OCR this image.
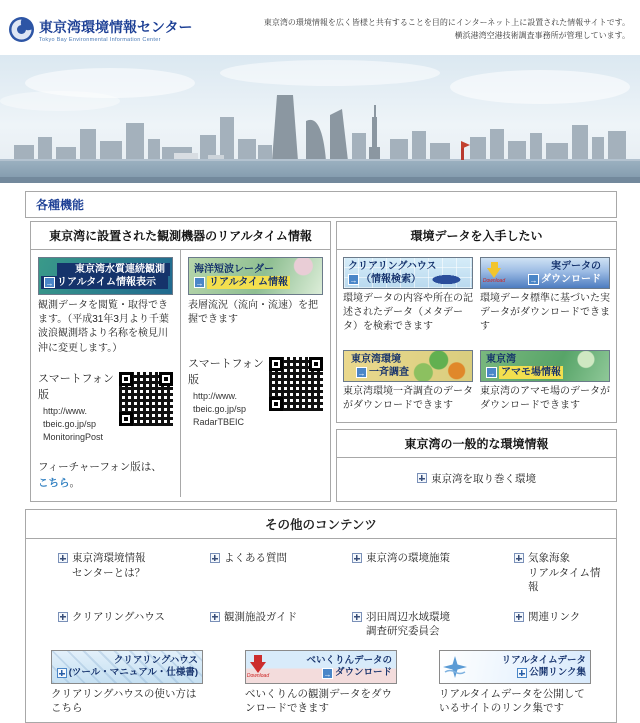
東京湾環境情報センター
Tokyo Bay Environmental Information Center
東京湾の環境情報を広く皆様と共有することを目的にインターネット上に設置された情報サイトです。
横浜港湾空港技術調査事務所が管理しています。
各種機能
東京湾に設置された観測機器のリアルタイム情報
東京湾水質連続観測
→
リアルタイム情報表示

観測データを閲覧・取得できます。（平成31年3月より千葉波浪観測塔より名称を検見川沖に変更します。）

スマートフォン版
http://www.
tbeic.go.jp/sp
MonitoringPost

フィーチャーフォン版は、
こちら。

海洋短波レーダー
→
リアルタイム情報

表層流況（流向・流速）を把握できます

スマートフォン版
http://www.
tbeic.go.jp/sp
RadarTBEIC
環境データを入手したい
クリアリングハウス
→
（情報検索）

環境データの内容や所在の記述されたデータ（メタデータ）を検索できます

Download
実データの
→
ダウンロード

環境データ標準に基づいた実データがダウンロードできます

東京湾環境
→
一斉調査

東京湾環境一斉調査のデータがダウンロードできます

東京湾
→
アマモ場情報

東京湾のアマモ場のデータがダウンロードできます

東京湾の一般的な環境情報
東京湾を取り巻く環境
その他のコンテンツ
東京湾環境情報
センターとは？
よくある質問	東京湾の環境施策	気象海象
リアルタイム情報
クリアリングハウス	観測施設ガイド	羽田周辺水域環境
調査研究委員会
関連リンク
クリアリングハウス
(ツール・マニュアル・仕様書)
クリアリングハウスの使い方はこちら
Download
べいくりんデータの
→
ダウンロード
べいくりんの観測データをダウンロードできます
リアルタイムデータ
公開リンク集
リアルタイムデータを公開しているサイトのリンク集です
